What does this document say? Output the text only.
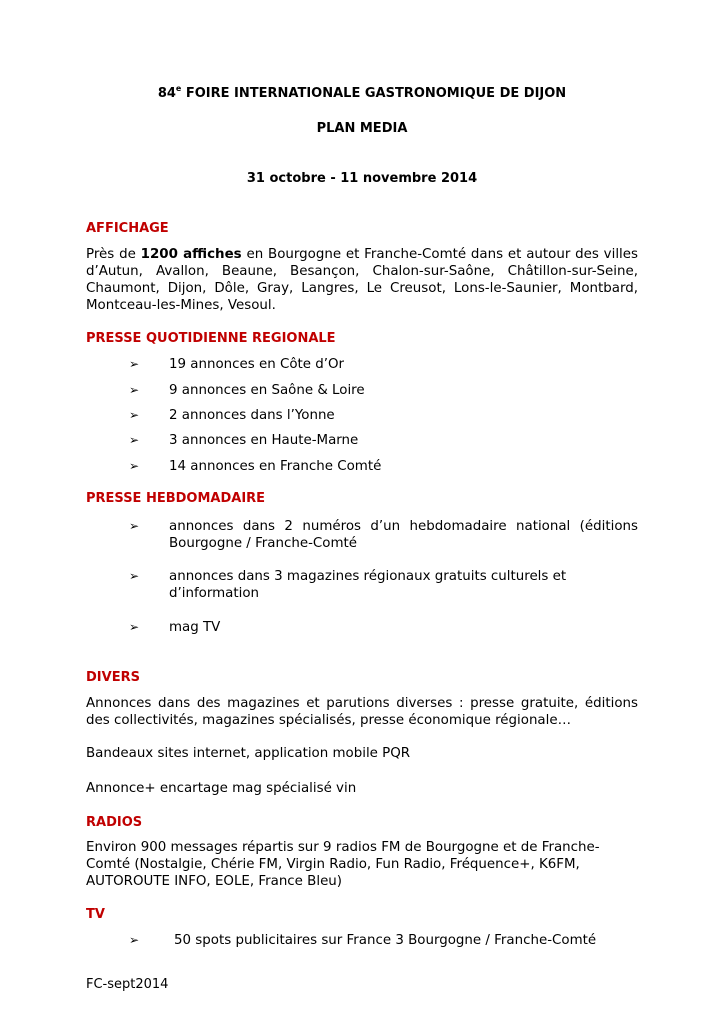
84e FOIRE INTERNATIONALE GASTRONOMIQUE DE DIJON
PLAN MEDIA
31 octobre - 11 novembre 2014
AFFICHAGE
Près de 1200 affiches en Bourgogne et Franche-Comté dans et autour des villes d’Autun, Avallon, Beaune, Besançon, Chalon-sur-Saône, Châtillon-sur-Seine, Chaumont, Dijon, Dôle, Gray, Langres, Le Creusot, Lons-le-Saunier, Montbard, Montceau-les-Mines, Vesoul.
PRESSE QUOTIDIENNE REGIONALE
➢	19 annonces en Côte d’Or
➢	9 annonces en Saône & Loire
➢	2 annonces dans l’Yonne
➢	3 annonces en Haute-Marne
➢	14 annonces en Franche Comté
PRESSE HEBDOMADAIRE
➢	annonces dans 2 numéros d’un hebdomadaire national (éditions Bourgogne / Franche-Comté
➢	annonces dans 3 magazines régionaux gratuits culturels et d’information
➢	mag TV
DIVERS
Annonces dans des magazines et parutions diverses : presse gratuite, éditions des collectivités, magazines spécialisés, presse économique régionale…
Bandeaux sites internet, application mobile PQR
Annonce+ encartage mag spécialisé vin
RADIOS
Environ 900 messages répartis sur 9 radios FM de Bourgogne et de Franche-Comté (Nostalgie, Chérie FM, Virgin Radio, Fun Radio, Fréquence+, K6FM, AUTOROUTE INFO, EOLE, France Bleu)
TV
➢	50 spots publicitaires sur France 3 Bourgogne / Franche-Comté
FC-sept2014
